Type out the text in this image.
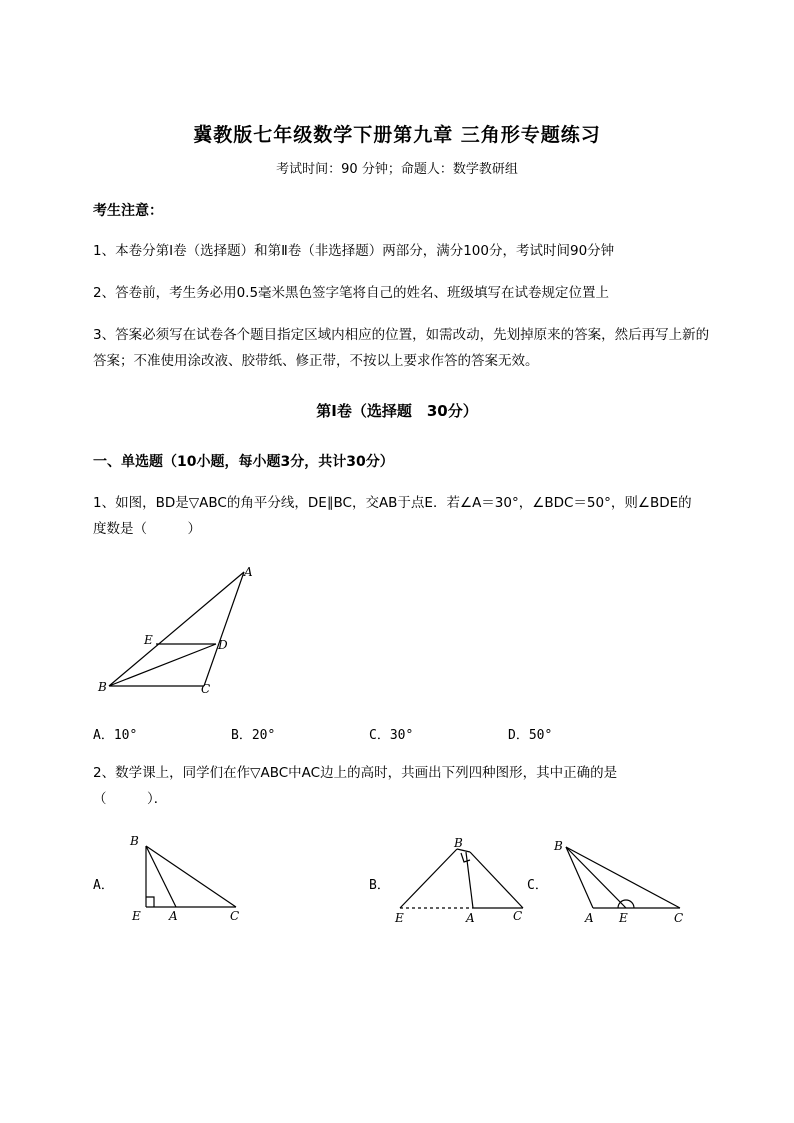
冀教版七年级数学下册第九章 三角形专题练习
考试时间：90 分钟；命题人：数学教研组
考生注意：
1、本卷分第Ⅰ卷（选择题）和第Ⅱ卷（非选择题）两部分，满分100分，考试时间90分钟
2、答卷前，考生务必用0.5毫米黑色签字笔将自己的姓名、班级填写在试卷规定位置上
3、答案必须写在试卷各个题目指定区域内相应的位置，如需改动，先划掉原来的答案，然后再写上新的答案；不准使用涂改液、胶带纸、修正带，不按以上要求作答的答案无效。
第Ⅰ卷（选择题　30分）
一、单选题（10小题，每小题3分，共计30分）
1、如图，BD是▽ABC的角平分线，DE∥BC，交AB于点E．若∠A＝30°，∠BDC＝50°，则∠BDE的
度数是（　　　）
A
B	C
D
E
A．10°	B．20°	C．30°	D．50°
2、数学课上，同学们在作▽ABC中AC边上的高时，共画出下列四种图形，其中正确的是
（　　　）．
A．
B
E A	C
B．
B
E	A	C
C．
B
A E	C
